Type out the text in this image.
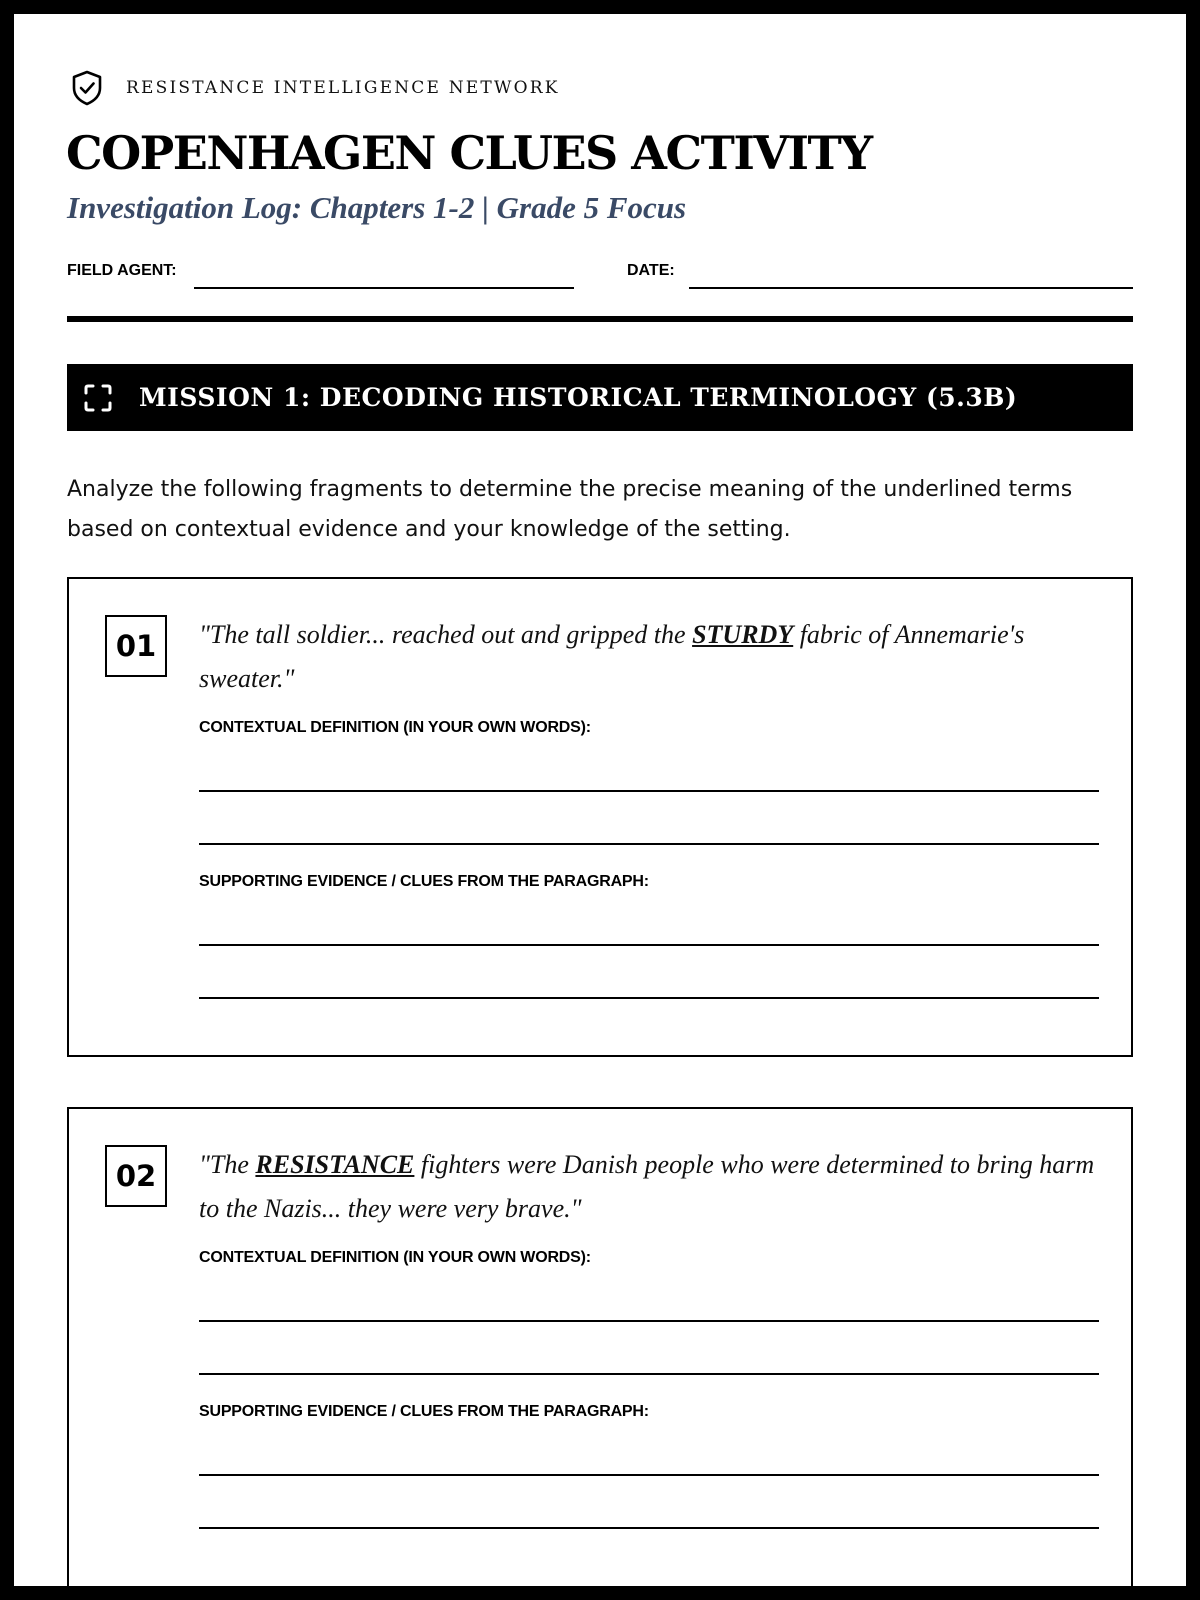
RESISTANCE INTELLIGENCE NETWORK
COPENHAGEN CLUES ACTIVITY
Investigation Log: Chapters 1-2 | Grade 5 Focus
FIELD AGENT:	DATE:
MISSION 1: DECODING HISTORICAL TERMINOLOGY (5.3B)
Analyze the following fragments to determine the precise meaning of the underlined terms based on contextual evidence and your knowledge of the setting.
01	"The tall soldier... reached out and gripped the STURDY fabric of Annemarie's sweater."
CONTEXTUAL DEFINITION (IN YOUR OWN WORDS):
SUPPORTING EVIDENCE / CLUES FROM THE PARAGRAPH:
02	"The RESISTANCE fighters were Danish people who were determined to bring harm to the Nazis... they were very brave."
CONTEXTUAL DEFINITION (IN YOUR OWN WORDS):
SUPPORTING EVIDENCE / CLUES FROM THE PARAGRAPH:
